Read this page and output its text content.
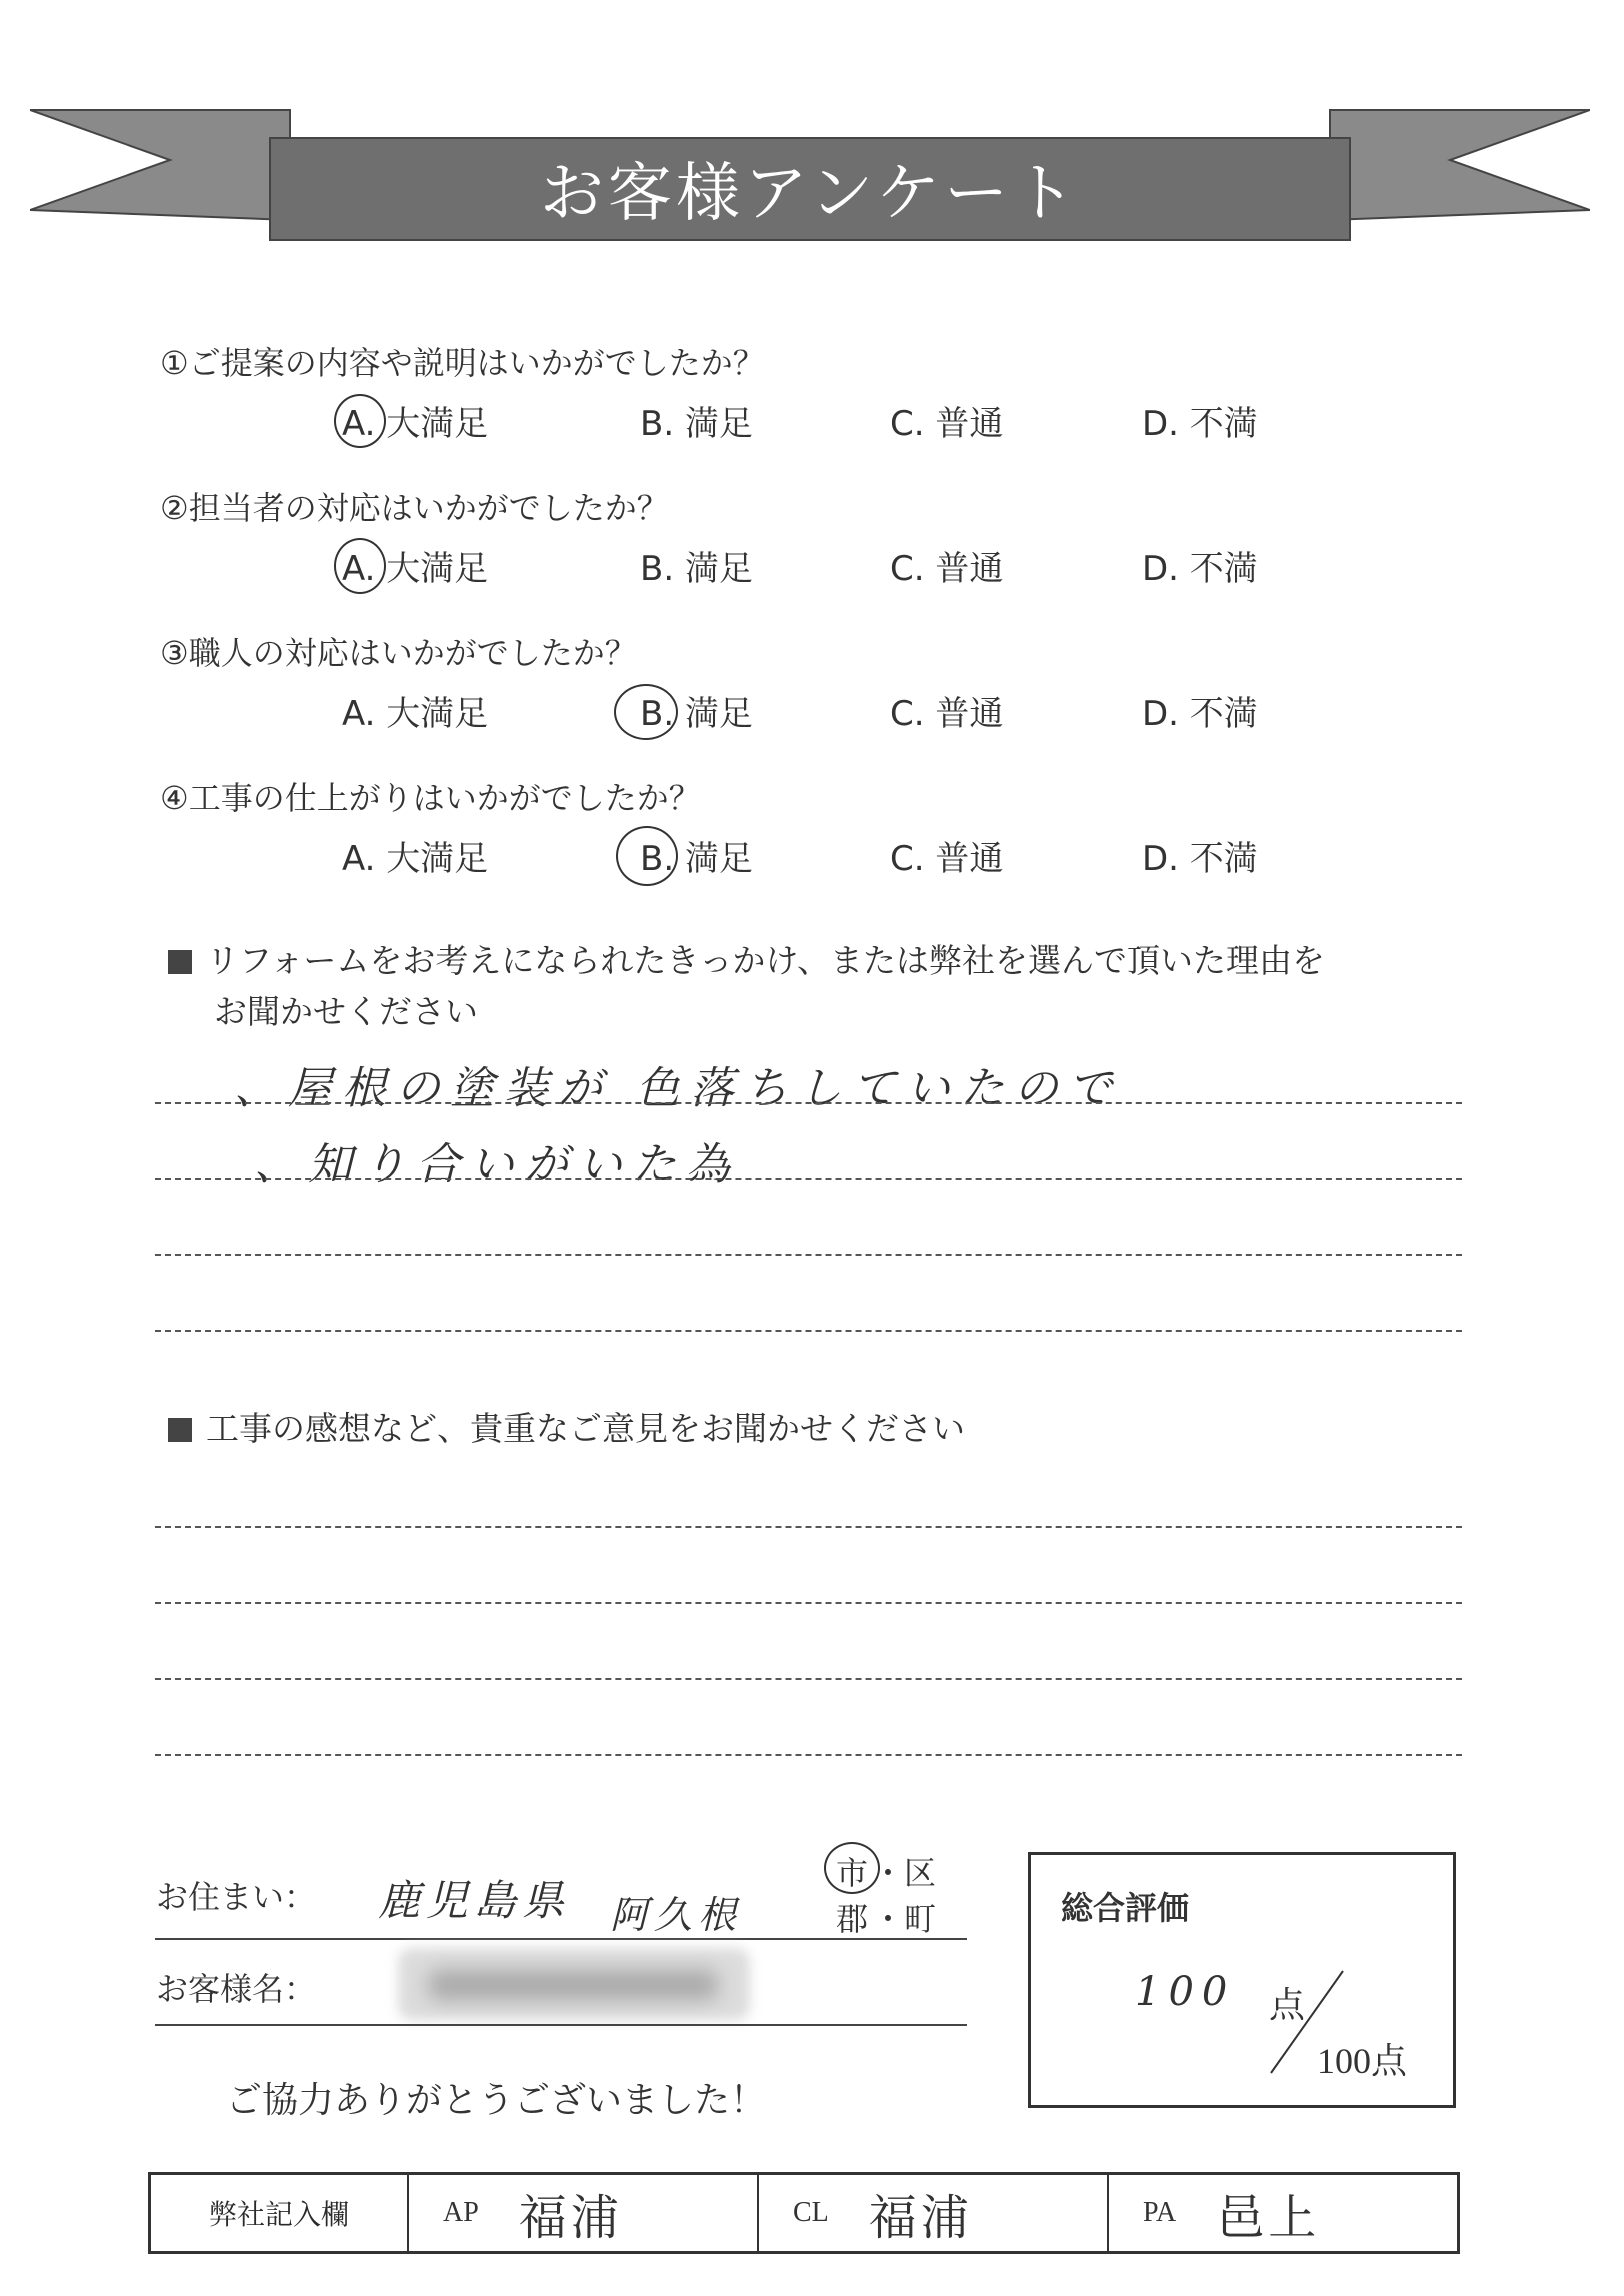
お客様アンケート
①ご提案の内容や説明はいかがでしたか？
②担当者の対応はいかがでしたか？
③職人の対応はいかがでしたか？
④工事の仕上がりはいかがでしたか？
A. 大満足	B. 満足	C. 普通	D. 不満
A. 大満足	B. 満足	C. 普通	D. 不満
A. 大満足	B. 満足	C. 普通	D. 不満
A. 大満足	B. 満足	C. 普通	D. 不満
リフォームをお考えになられたきっかけ、または弊社を選んで頂いた理由を
お聞かせください
、屋根の塗装が 色落ちしていたので
、知り合いがいた為
工事の感想など、貴重なご意見をお聞かせください
お住まい： 鹿児島県 阿久根
市 ・区
郡 ・町
お客様名：
ご協力ありがとうございました！
総合評価
100 点
100点
弊社記入欄	AP 福浦	CL 福浦	PA 邑上
